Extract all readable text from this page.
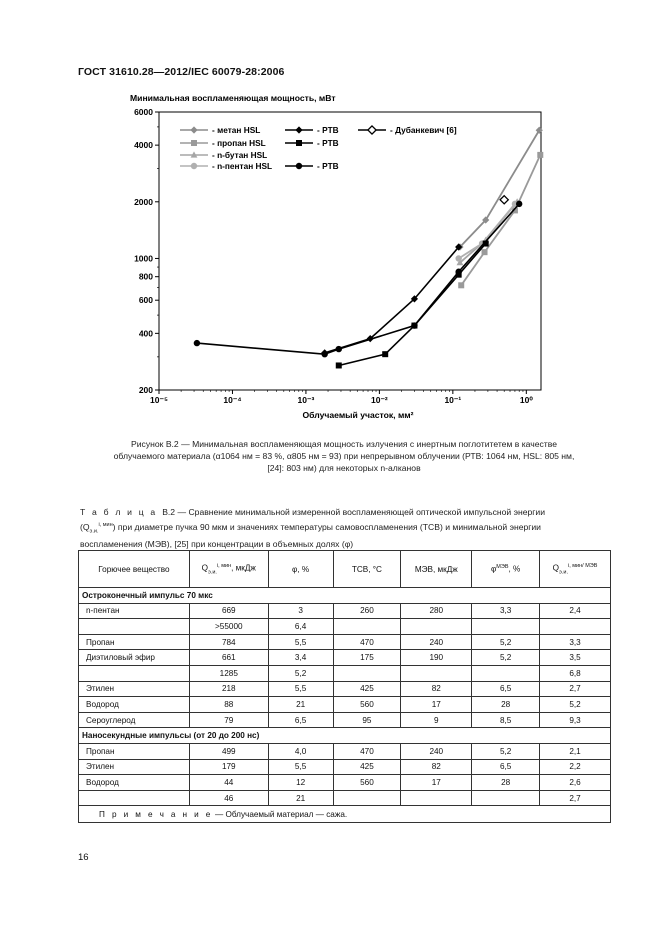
ГОСТ 31610.28—2012/IEC 60079-28:2006
200
400
600
800
1000
2000
4000
6000
10⁻⁵	10⁻⁴	10⁻³	10⁻²	10⁻¹	10⁰
Минимальная воспламеняющая мощность, мВт
Облучаемый участок, мм²
- метан HSL
- пропан HSL
- n-бутан HSL
- n-пентан HSL
- PTB
- PTB
- PTB
- Дубанкевич [6]
Рисунок В.2 — Минимальная воспламеняющая мощность излучения с инертным поглотитетем в качестве
облучаемого материала (α1064 нм = 83 %, α805 нм = 93) при непрерывном облучении (РТВ: 1064 нм, HSL: 805 нм,
[24]: 803 нм) для некоторых n-алканов
Т а б л и ц а В.2 — Сравнение минимальной измеренной воспламеняющей оптической импульсной энергии
$(Q_{э.и.}^{i, мин})$ при диаметре пучка 90 мкм и значениях температуры самовоспламенения (ТСВ) и минимальной энергии
воспламенения (МЭВ), [25] при концентрации в объемных долях (φ)
Горючее вещество	$Q_{э.и.}^{i, мин}$, мкДж	φ, %	ТСВ, °С	МЭВ, мкДж	$\varphi^{МЭВ}$, %	$Q_{э.и.}^{i, мин/ МЭВ}$
Остроконечный импульс 70 мкс						
n-пентан	669	3	260	280	3,3	2,4
	>55000	6,4				
Пропан	784	5,5	470	240	5,2	3,3
Диэтиловый эфир	661	3,4	175	190	5,2	3,5
	1285	5,2				6,8
Этилен	218	5,5	425	82	6,5	2,7
Водород	88	21	560	17	28	5,2
Сероуглерод	79	6,5	95	9	8,5	9,3
Наносекундные импульсы (от 20 до 200 нс)						
Пропан	499	4,0	470	240	5,2	2,1
Этилен	179	5,5	425	82	6,5	2,2
Водород	44	12	560	17	28	2,6
	46	21				2,7
П р и м е ч а н и е — Облучаемый материал — сажа.						
16
